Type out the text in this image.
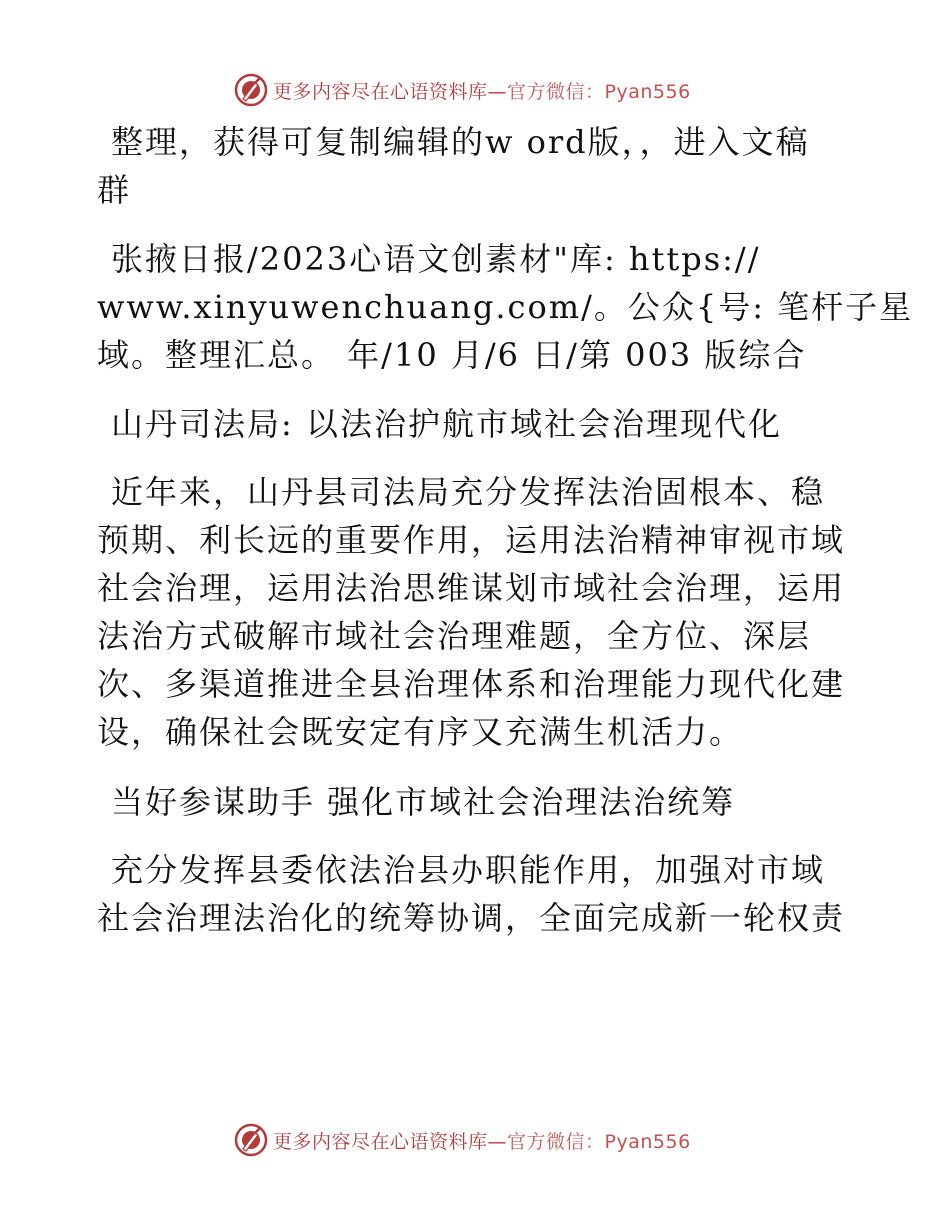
更多内容尽在心语资料库—官方微信：Pyan556

整理，获得可复制编辑的w ord版，，进入文稿
群

张掖日报/2023心语文创素材"库: https://
www.xinyuwenchuang.com/。公众{号: 笔杆子星
域。整理汇总。 年/10 月/6 日/第 003 版综合

山丹司法局: 以法治护航市域社会治理现代化

近年来，山丹县司法局充分发挥法治固根本、稳
预期、利长远的重要作用，运用法治精神审视市域
社会治理，运用法治思维谋划市域社会治理，运用
法治方式破解市域社会治理难题，全方位、深层
次、多渠道推进全县治理体系和治理能力现代化建
设，确保社会既安定有序又充满生机活力。

当好参谋助手 强化市域社会治理法治统筹

充分发挥县委依法治县办职能作用，加强对市域
社会治理法治化的统筹协调，全面完成新一轮权责

更多内容尽在心语资料库—官方微信：Pyan556
